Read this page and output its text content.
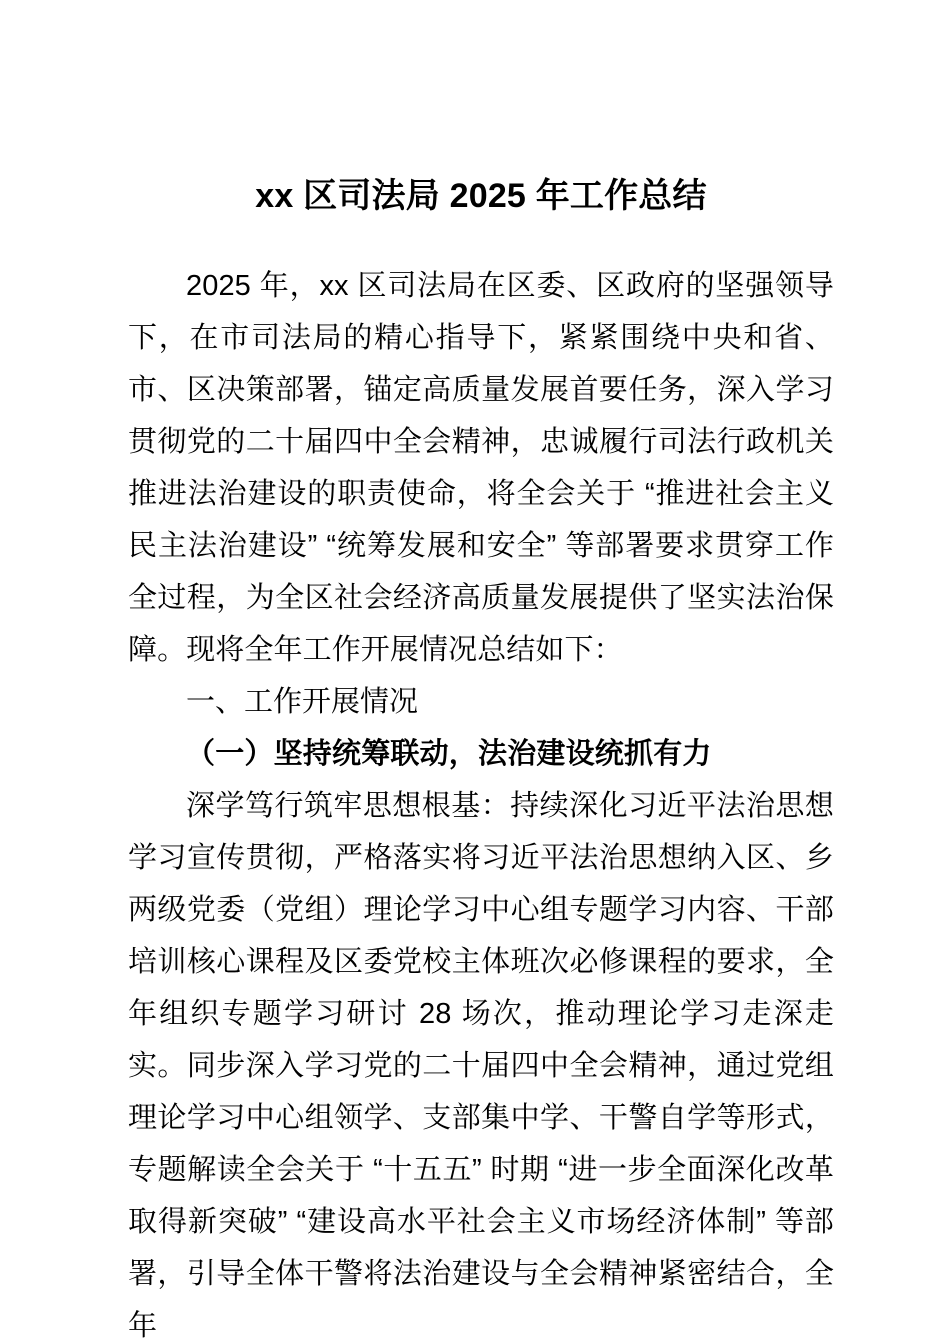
xx 区司法局 2025 年工作总结

2025 年，xx 区司法局在区委、区政府的坚强领导下，在市司法局的精心指导下，紧紧围绕中央和省、市、区决策部署，锚定高质量发展首要任务，深入学习贯彻党的二十届四中全会精神，忠诚履行司法行政机关推进法治建设的职责使命，将全会关于 “推进社会主义民主法治建设” “统筹发展和安全” 等部署要求贯穿工作全过程，为全区社会经济高质量发展提供了坚实法治保障。现将全年工作开展情况总结如下：

一、工作开展情况

（一）坚持统筹联动，法治建设统抓有力

深学笃行筑牢思想根基：持续深化习近平法治思想学习宣传贯彻，严格落实将习近平法治思想纳入区、乡两级党委（党组）理论学习中心组专题学习内容、干部培训核心课程及区委党校主体班次必修课程的要求，全年组织专题学习研讨 28 场次，推动理论学习走深走实。同步深入学习党的二十届四中全会精神，通过党组理论学习中心组领学、支部集中学、干警自学等形式，专题解读全会关于 “十五五” 时期 “进一步全面深化改革取得新突破” “建设高水平社会主义市场经济体制” 等部署，引导全体干警将法治建设与全会精神紧密结合，全年
